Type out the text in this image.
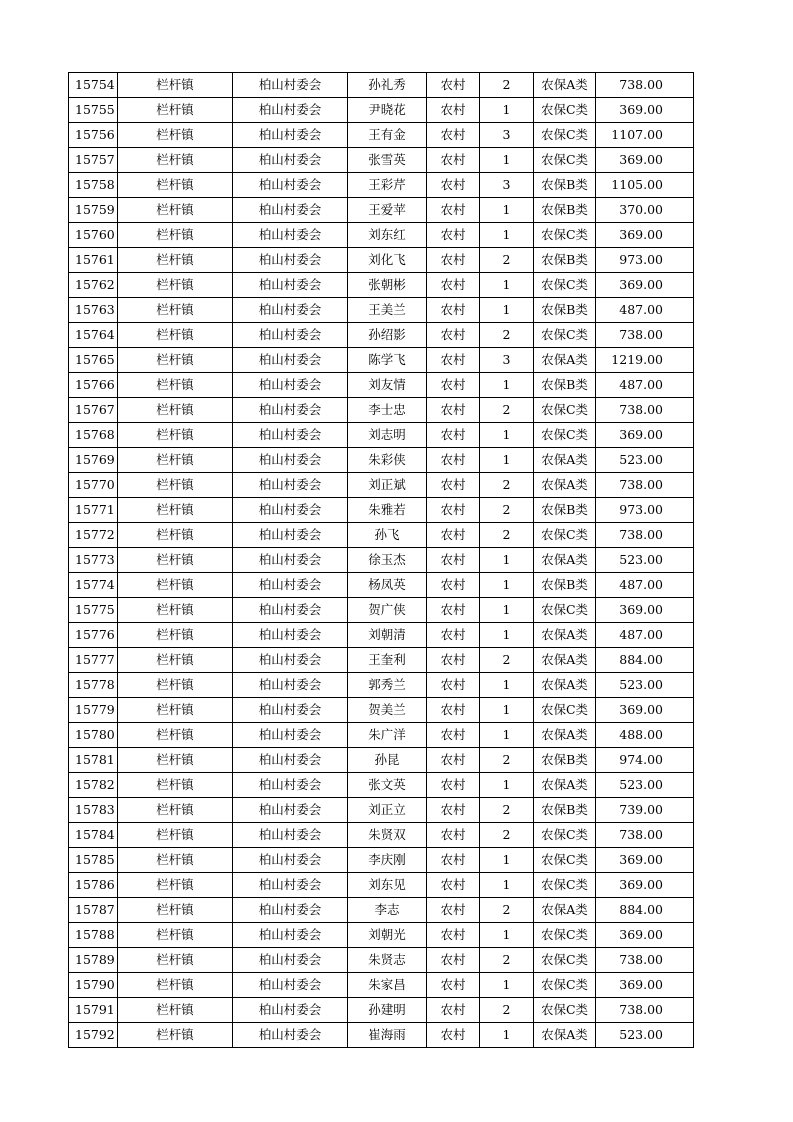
15754	栏杆镇	柏山村委会	孙礼秀	农村	2	农保A类	738.00
15755	栏杆镇	柏山村委会	尹晓花	农村	1	农保C类	369.00
15756	栏杆镇	柏山村委会	王有金	农村	3	农保C类	1107.00
15757	栏杆镇	柏山村委会	张雪英	农村	1	农保C类	369.00
15758	栏杆镇	柏山村委会	王彩芹	农村	3	农保B类	1105.00
15759	栏杆镇	柏山村委会	王爱苹	农村	1	农保B类	370.00
15760	栏杆镇	柏山村委会	刘东红	农村	1	农保C类	369.00
15761	栏杆镇	柏山村委会	刘化飞	农村	2	农保B类	973.00
15762	栏杆镇	柏山村委会	张朝彬	农村	1	农保C类	369.00
15763	栏杆镇	柏山村委会	王美兰	农村	1	农保B类	487.00
15764	栏杆镇	柏山村委会	孙绍影	农村	2	农保C类	738.00
15765	栏杆镇	柏山村委会	陈学飞	农村	3	农保A类	1219.00
15766	栏杆镇	柏山村委会	刘友情	农村	1	农保B类	487.00
15767	栏杆镇	柏山村委会	李士忠	农村	2	农保C类	738.00
15768	栏杆镇	柏山村委会	刘志明	农村	1	农保C类	369.00
15769	栏杆镇	柏山村委会	朱彩侠	农村	1	农保A类	523.00
15770	栏杆镇	柏山村委会	刘正斌	农村	2	农保A类	738.00
15771	栏杆镇	柏山村委会	朱雅若	农村	2	农保B类	973.00
15772	栏杆镇	柏山村委会	孙飞	农村	2	农保C类	738.00
15773	栏杆镇	柏山村委会	徐玉杰	农村	1	农保A类	523.00
15774	栏杆镇	柏山村委会	杨凤英	农村	1	农保B类	487.00
15775	栏杆镇	柏山村委会	贺广侠	农村	1	农保C类	369.00
15776	栏杆镇	柏山村委会	刘朝清	农村	1	农保A类	487.00
15777	栏杆镇	柏山村委会	王奎利	农村	2	农保A类	884.00
15778	栏杆镇	柏山村委会	郭秀兰	农村	1	农保A类	523.00
15779	栏杆镇	柏山村委会	贺美兰	农村	1	农保C类	369.00
15780	栏杆镇	柏山村委会	朱广洋	农村	1	农保A类	488.00
15781	栏杆镇	柏山村委会	孙昆	农村	2	农保B类	974.00
15782	栏杆镇	柏山村委会	张文英	农村	1	农保A类	523.00
15783	栏杆镇	柏山村委会	刘正立	农村	2	农保B类	739.00
15784	栏杆镇	柏山村委会	朱贤双	农村	2	农保C类	738.00
15785	栏杆镇	柏山村委会	李庆刚	农村	1	农保C类	369.00
15786	栏杆镇	柏山村委会	刘东见	农村	1	农保C类	369.00
15787	栏杆镇	柏山村委会	李志	农村	2	农保A类	884.00
15788	栏杆镇	柏山村委会	刘朝光	农村	1	农保C类	369.00
15789	栏杆镇	柏山村委会	朱贤志	农村	2	农保C类	738.00
15790	栏杆镇	柏山村委会	朱家昌	农村	1	农保C类	369.00
15791	栏杆镇	柏山村委会	孙建明	农村	2	农保C类	738.00
15792	栏杆镇	柏山村委会	崔海雨	农村	1	农保A类	523.00
